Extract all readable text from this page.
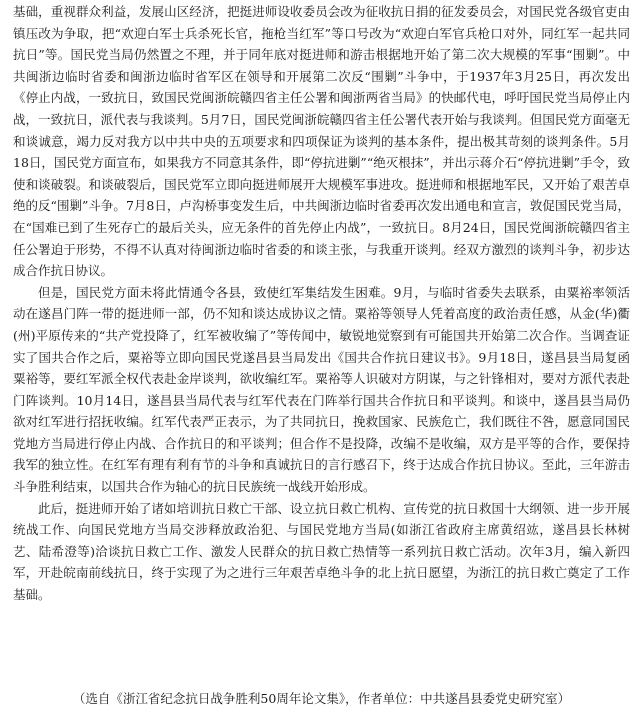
基础，重视群众利益，发展山区经济，把挺进师设收委员会改为征收抗日捐的征发委员会，对国民党各级官吏由镇压改为争取，把“欢迎白军士兵杀死长官，拖枪当红军”等口号改为“欢迎白军官兵枪口对外，同红军一起共同抗日”等。国民党当局仍然置之不理，并于同年底对挺进师和游击根据地开始了第二次大规模的军事“围剿”。中共闽浙边临时省委和闽浙边临时省军区在领导和开展第二次反“围剿”斗争中，于1937年3月25日，再次发出《停止内战，一致抗日，致国民党闽浙皖赣四省主任公署和闽浙两省当局》的快邮代电，呼吁国民党当局停止内战，一致抗日，派代表与我谈判。5月7日，国民党闽浙皖赣四省主任公署代表开始与我谈判。但国民党方面毫无和谈诚意，竭力反对我方以中共中央的五项要求和四项保证为谈判的基本条件，提出极其苛刻的谈判条件。5月18日，国民党方面宣布，如果我方不同意其条件，即“停抗进剿”“绝灭根抹”，并出示蒋介石“停抗进剿”手令，致使和谈破裂。和谈破裂后，国民党军立即向挺进师展开大规模军事进攻。挺进师和根据地军民，又开始了艰苦卓绝的反“围剿”斗争。7月8日，卢沟桥事变发生后，中共闽浙边临时省委再次发出通电和宣言，敦促国民党当局，在“国难已到了生死存亡的最后关头，应无条件的首先停止内战”，一致抗日。8月24日，国民党闽浙皖赣四省主任公署迫于形势，不得不认真对待闽浙边临时省委的和谈主张，与我重开谈判。经双方激烈的谈判斗争，初步达成合作抗日协议。

但是，国民党方面未将此情通令各县，致使红军集结发生困难。9月，与临时省委失去联系，由粟裕率领活动在遂昌门阵一带的挺进师一部，仍不知和谈达成协议之情。粟裕等领导人凭着高度的政治责任感，从金(华)衢(州)平原传来的“共产党投降了，红军被收编了”等传闻中，敏锐地觉察到有可能国共开始第二次合作。当调查证实了国共合作之后，粟裕等立即向国民党遂昌县当局发出《国共合作抗日建议书》。9月18日，遂昌县当局复函粟裕等，要红军派全权代表赴金岸谈判，欲收编红军。粟裕等人识破对方阴谋，与之针锋相对，要对方派代表赴门阵谈判。10月14日，遂昌县当局代表与红军代表在门阵举行国共合作抗日和平谈判。和谈中，遂昌县当局仍欲对红军进行招抚收编。红军代表严正表示，为了共同抗日，挽救国家、民族危亡，我们既往不咎，愿意同国民党地方当局进行停止内战、合作抗日的和平谈判；但合作不是投降，改编不是收编，双方是平等的合作，要保持我军的独立性。在红军有理有利有节的斗争和真诚抗日的言行感召下，终于达成合作抗日协议。至此，三年游击斗争胜利结束，以国共合作为轴心的抗日民族统一战线开始形成。

此后，挺进师开始了诸如培训抗日救亡干部、设立抗日救亡机构、宣传党的抗日救国十大纲领、进一步开展统战工作、向国民党地方当局交涉释放政治犯、与国民党地方当局(如浙江省政府主席黄绍竑，遂昌县长林树艺、陆希澄等)洽谈抗日救亡工作、激发人民群众的抗日救亡热情等一系列抗日救亡活动。次年3月，编入新四军，开赴皖南前线抗日，终于实现了为之进行三年艰苦卓绝斗争的北上抗日愿望，为浙江的抗日救亡奠定了工作基础。

（选自《浙江省纪念抗日战争胜利50周年论文集》，作者单位：中共遂昌县委党史研究室）
